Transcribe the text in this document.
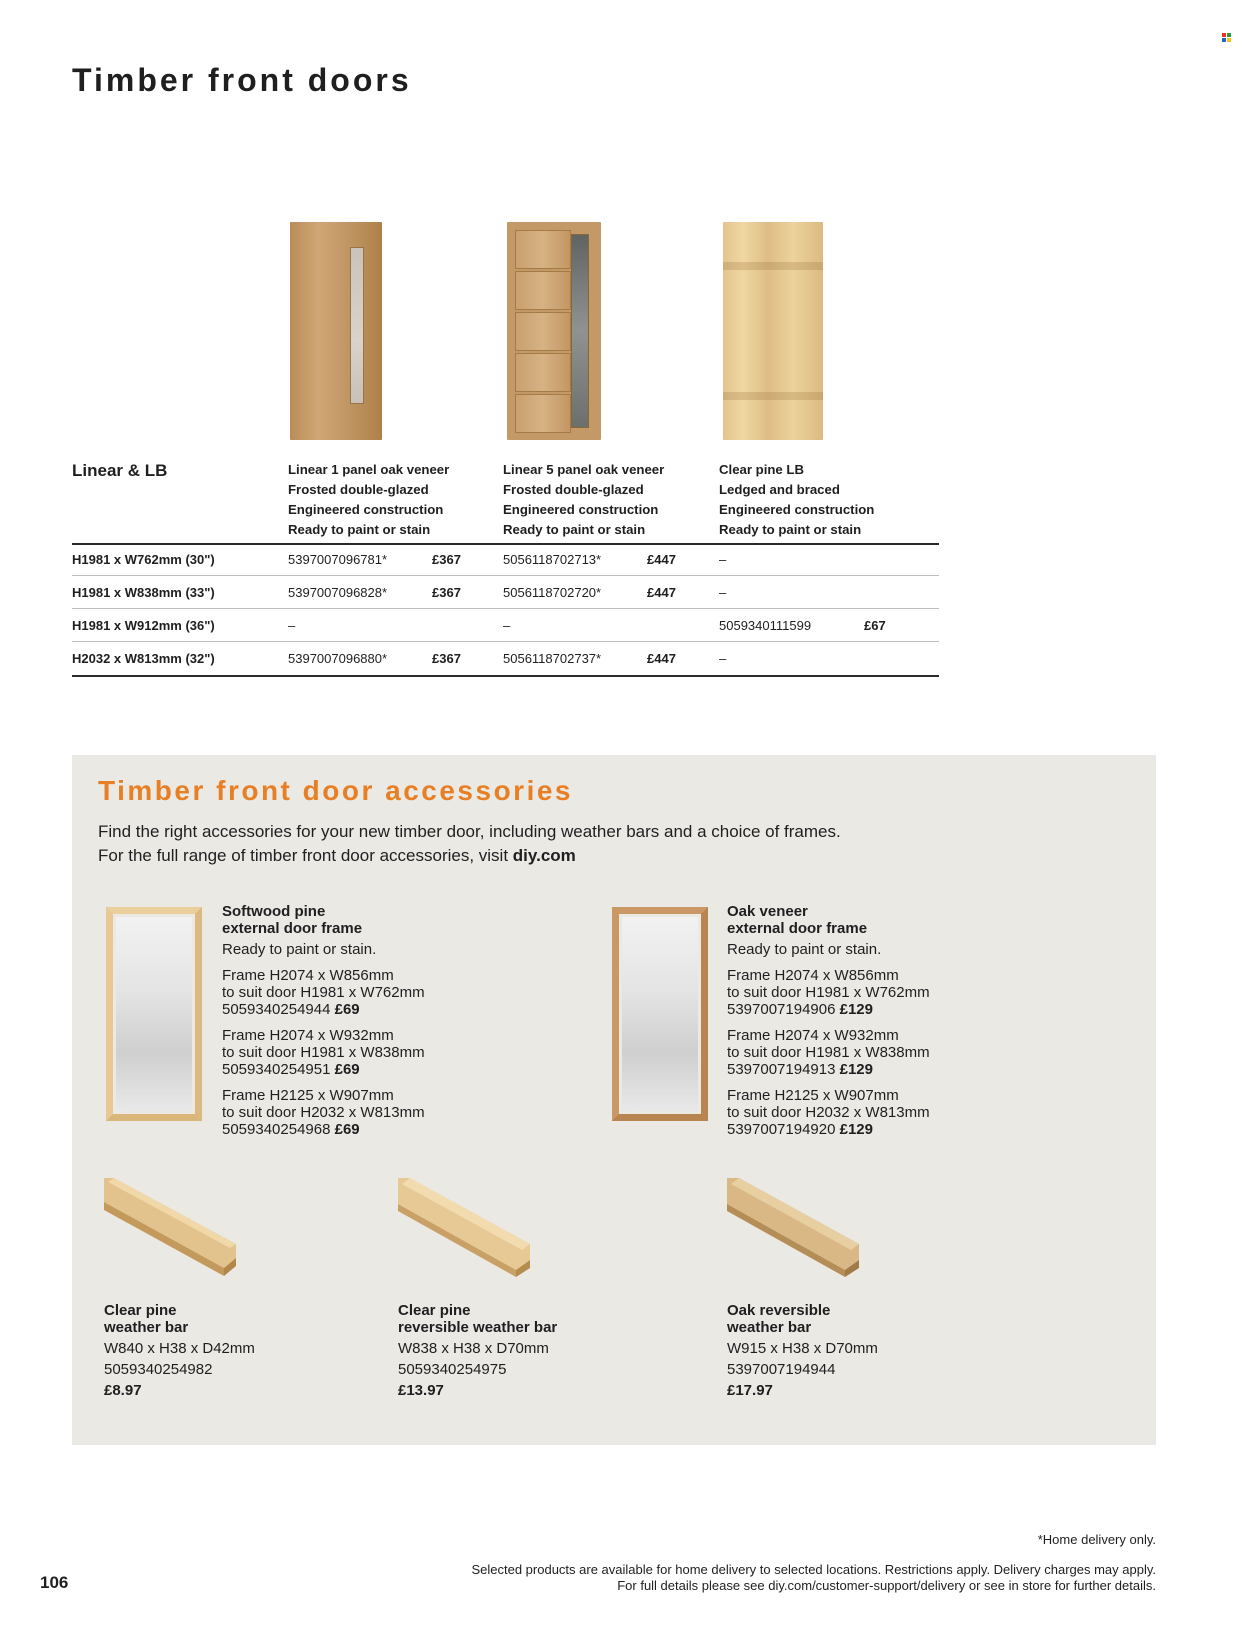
Timber front doors
Linear & LB	Linear 1 panel oak veneer
Frosted double-glazed
Engineered construction
Ready to paint or stain
Linear 5 panel oak veneer
Frosted double-glazed
Engineered construction
Ready to paint or stain
Clear pine LB
Ledged and braced
Engineered construction
Ready to paint or stain
H1981 x W762mm (30")	5397007096781*	£367	5056118702713*	£447	–
H1981 x W838mm (33")	5397007096828*	£367	5056118702720*	£447	–
H1981 x W912mm (36")	–	–	5059340111599	£67
H2032 x W813mm (32")	5397007096880*	£367	5056118702737*	£447	–
Timber front door accessories
Find the right accessories for your new timber door, including weather bars and a choice of frames.
For the full range of timber front door accessories, visit diy.com
Softwood pine
external door frame
Ready to paint or stain.
Frame H2074 x W856mm
to suit door H1981 x W762mm
5059340254944 £69
Frame H2074 x W932mm
to suit door H1981 x W838mm
5059340254951 £69
Frame H2125 x W907mm
to suit door H2032 x W813mm
5059340254968 £69
Oak veneer
external door frame
Ready to paint or stain.
Frame H2074 x W856mm
to suit door H1981 x W762mm
5397007194906 £129
Frame H2074 x W932mm
to suit door H1981 x W838mm
5397007194913 £129
Frame H2125 x W907mm
to suit door H2032 x W813mm
5397007194920 £129
Clear pine
weather bar
W840 x H38 x D42mm
5059340254982
£8.97
Clear pine
reversible weather bar
W838 x H38 x D70mm
5059340254975
£13.97
Oak reversible
weather bar
W915 x H38 x D70mm
5397007194944
£17.97
*Home delivery only.
Selected products are available for home delivery to selected locations. Restrictions apply. Delivery charges may apply.
For full details please see diy.com/customer-support/delivery or see in store for further details.
106
